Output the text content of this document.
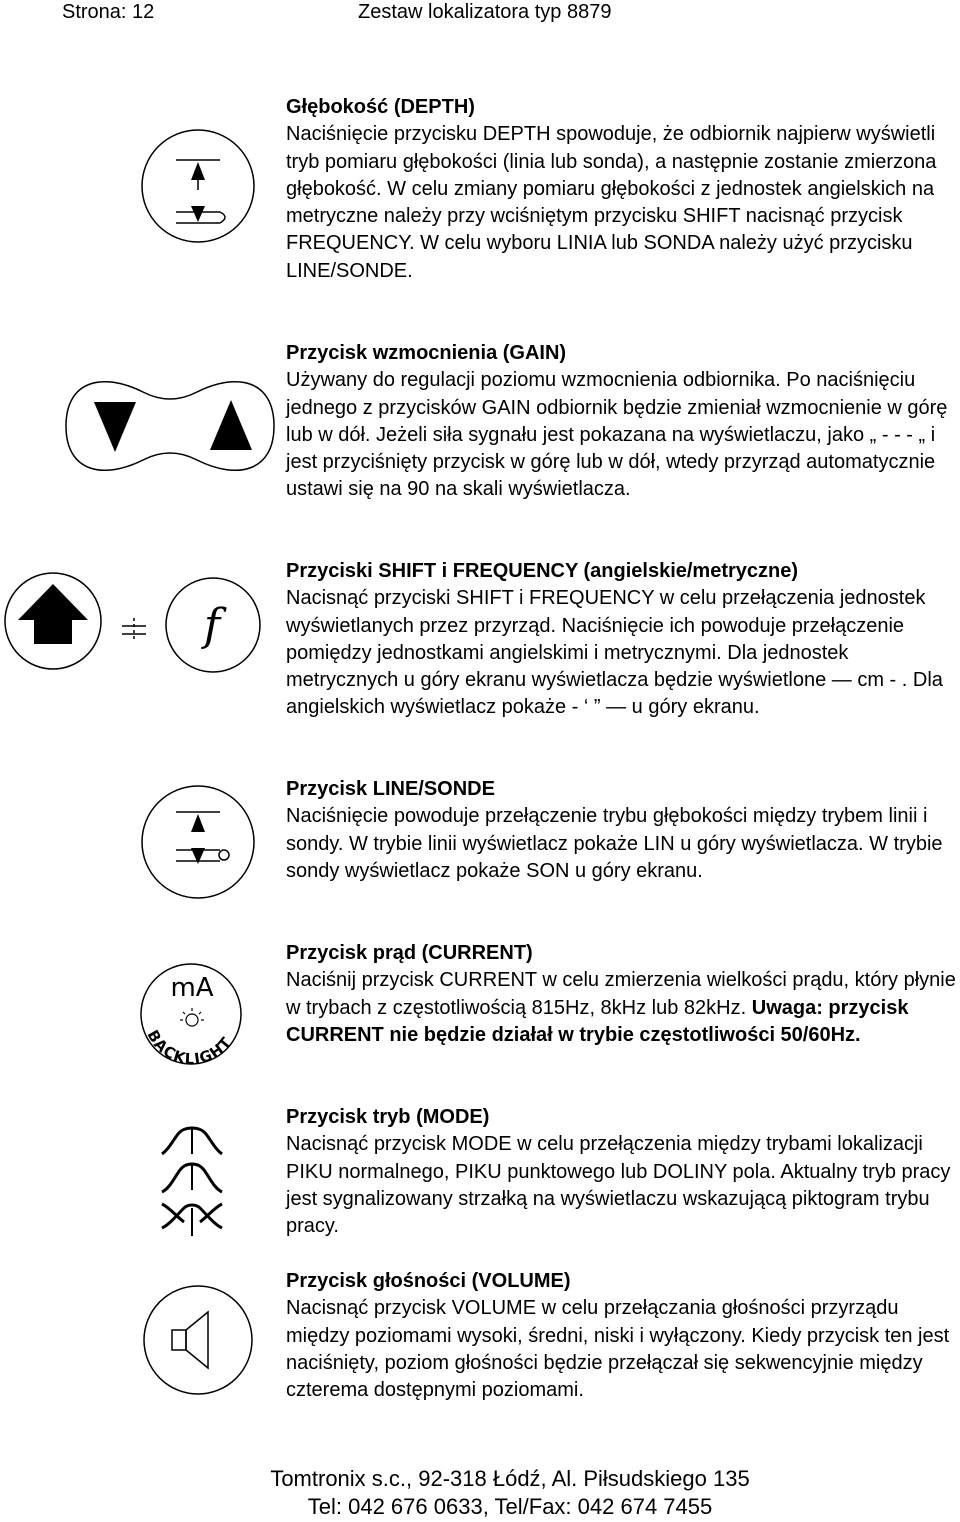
Strona: 12	Zestaw lokalizatora typ 8879
f
mA
BACKLIGHT
Głębokość (DEPTH)
Naciśnięcie przycisku DEPTH spowoduje, że odbiornik najpierw wyświetli tryb pomiaru głębokości (linia lub sonda), a następnie zostanie zmierzona głębokość. W celu zmiany pomiaru głębokości z jednostek angielskich na metryczne należy przy wciśniętym przycisku SHIFT nacisnąć przycisk FREQUENCY. W celu wyboru LINIA lub SONDA należy użyć przycisku LINE/SONDE.
Przycisk wzmocnienia (GAIN)
Używany do regulacji poziomu wzmocnienia odbiornika. Po naciśnięciu jednego z przycisków GAIN odbiornik będzie zmieniał wzmocnienie w górę lub w dół. Jeżeli siła sygnału jest pokazana na wyświetlaczu, jako „ - - - „ i jest przyciśnięty przycisk w górę lub w dół, wtedy przyrząd automatycznie ustawi się na 90 na skali wyświetlacza.
Przyciski SHIFT i FREQUENCY (angielskie/metryczne)
Nacisnąć przyciski SHIFT i FREQUENCY w celu przełączenia jednostek wyświetlanych przez przyrząd. Naciśnięcie ich powoduje przełączenie pomiędzy jednostkami angielskimi i metrycznymi. Dla jednostek metrycznych u góry ekranu wyświetlacza będzie wyświetlone — cm - . Dla angielskich wyświetlacz pokaże - ‘ ” — u góry ekranu.
Przycisk LINE/SONDE
Naciśnięcie powoduje przełączenie trybu głębokości między trybem linii i sondy. W trybie linii wyświetlacz pokaże LIN u góry wyświetlacza. W trybie sondy wyświetlacz pokaże SON u góry ekranu.
Przycisk prąd (CURRENT)
Naciśnij przycisk CURRENT w celu zmierzenia wielkości prądu, który płynie w trybach z częstotliwością 815Hz, 8kHz lub 82kHz. Uwaga: przycisk CURRENT nie będzie działał w trybie częstotliwości 50/60Hz.
Przycisk tryb (MODE)
Nacisnąć przycisk MODE w celu przełączenia między trybami lokalizacji PIKU normalnego, PIKU punktowego lub DOLINY pola. Aktualny tryb pracy jest sygnalizowany strzałką na wyświetlaczu wskazującą piktogram trybu pracy.
Przycisk głośności (VOLUME)
Nacisnąć przycisk VOLUME w celu przełączania głośności przyrządu między poziomami wysoki, średni, niski i wyłączony. Kiedy przycisk ten jest naciśnięty, poziom głośności będzie przełączał się sekwencyjnie między czterema dostępnymi poziomami.
Tomtronix s.c., 92-318 Łódź, Al. Piłsudskiego 135
Tel: 042 676 0633, Tel/Fax: 042 674 7455
